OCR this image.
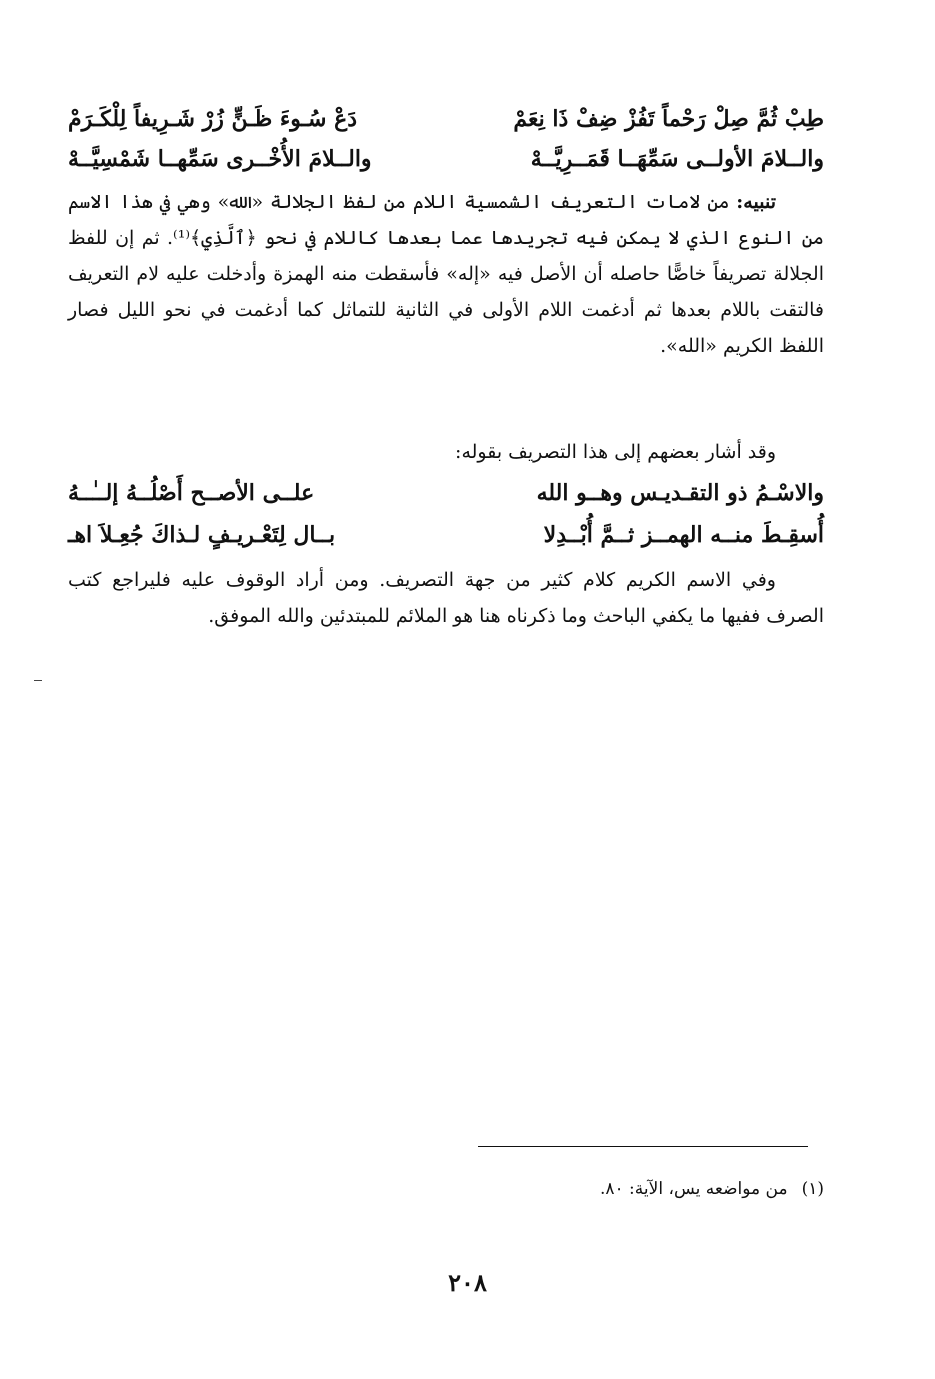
طِبْ ثُمَّ صِلْ رَحْماً تَفُزْ ضِفْ ذَا نِعَمْ
دَعْ سُـوءَ ظَـنٍّ زُرْ شَـرِيفاً لِلْكَـرَمْ
والــلامَ الأولــى سَمِّهَــا قَمَــرِيَّــهْ
والــلامَ الأُخْــرى سَمِّهــا شَمْسِيَّــهْ

تنبيه: من لامات التعريف الشمسية اللام من لفظ الجلالة «الله» وهي في هذا الاسم من النوع الذي لا يمكن فيه تجريدها عما بعدها كاللام في نحو ﴿ٱلَّذِي﴾⁽¹⁾. ثم إن للفظ الجلالة تصريفاً خاصًّا حاصله أن الأصل فيه «إله» فأسقطت منه الهمزة وأدخلت عليه لام التعريف فالتقت باللام بعدها ثم أدغمت اللام الأولى في الثانية للتماثل كما أدغمت في نحو الليل فصار اللفظ الكريم «الله».

وقد أشار بعضهم إلى هذا التصريف بقوله:
والاسْـمُ ذو التقـديـس وهــو الله
علــى الأصــح أَصْلُــهُ إلــٰــهُ
أُسقِـطَ منــه الهمــز ثــمَّ أُبْــدِلا
بــال لِتَعْـريـفٍ لـذاكَ جُعِـلاَ اهـ

وفي الاسم الكريم كلام كثير من جهة التصريف. ومن أراد الوقوف عليه فليراجع كتب الصرف ففيها ما يكفي الباحث وما ذكرناه هنا هو الملائم للمبتدئين والله الموفق.

(١)من مواضعه يس، الآية: ٨٠.
٢٠٨
